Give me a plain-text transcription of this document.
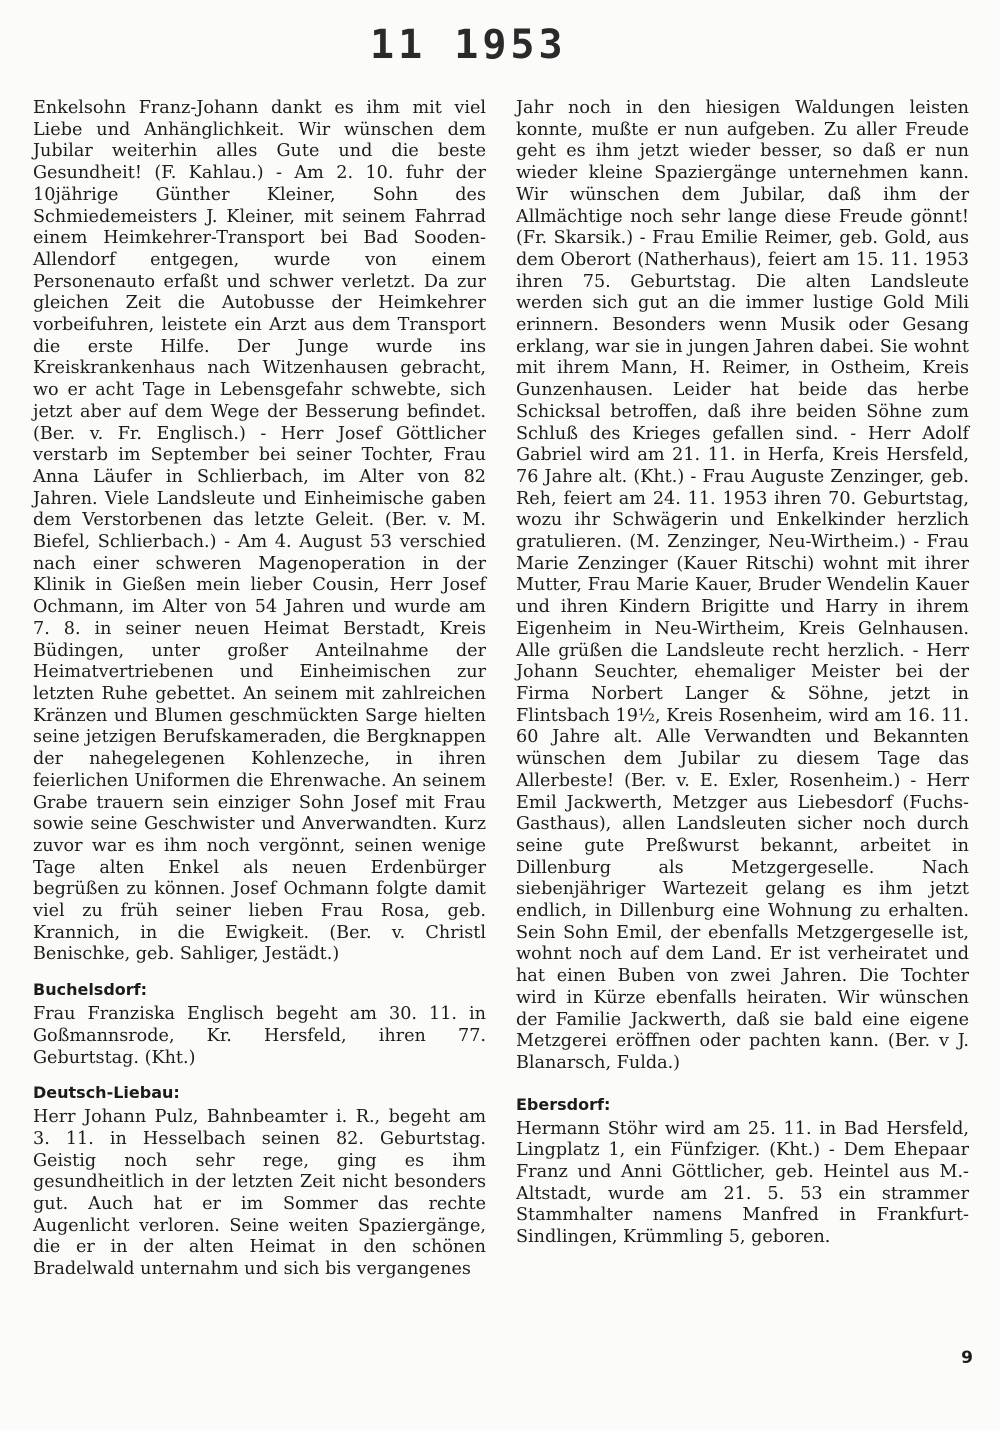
11 1953

Enkelsohn Franz-Johann dankt es ihm mit viel Liebe und Anhänglichkeit. Wir wünschen dem Jubilar weiterhin alles Gute und die beste Gesundheit! (F. Kahlau.) - Am 2. 10. fuhr der 10jährige Günther Kleiner, Sohn des Schmiedemeisters J. Kleiner, mit seinem Fahrrad einem Heimkehrer-Transport bei Bad Sooden-Allendorf entgegen, wurde von einem Personenauto erfaßt und schwer verletzt. Da zur gleichen Zeit die Autobusse der Heimkehrer vorbeifuhren, leistete ein Arzt aus dem Transport die erste Hilfe. Der Junge wurde ins Kreiskrankenhaus nach Witzenhausen gebracht, wo er acht Tage in Lebensgefahr schwebte, sich jetzt aber auf dem Wege der Besserung befindet. (Ber. v. Fr. Englisch.) - Herr Josef Göttlicher verstarb im September bei seiner Tochter, Frau Anna Läufer in Schlierbach, im Alter von 82 Jahren. Viele Landsleute und Einheimische gaben dem Verstorbenen das letzte Geleit. (Ber. v. M. Biefel, Schlierbach.) - Am 4. August 53 verschied nach einer schweren Magenoperation in der Klinik in Gießen mein lieber Cousin, Herr Josef Ochmann, im Alter von 54 Jahren und wurde am 7. 8. in seiner neuen Heimat Berstadt, Kreis Büdingen, unter großer Anteilnahme der Heimatvertriebenen und Einheimischen zur letzten Ruhe gebettet. An seinem mit zahlreichen Kränzen und Blumen geschmückten Sarge hielten seine jetzigen Berufskameraden, die Bergknappen der nahegelegenen Kohlenzeche, in ihren feierlichen Uniformen die Ehrenwache. An seinem Grabe trauern sein einziger Sohn Josef mit Frau sowie seine Geschwister und Anverwandten. Kurz zuvor war es ihm noch vergönnt, seinen wenige Tage alten Enkel als neuen Erdenbürger begrüßen zu können. Josef Ochmann folgte damit viel zu früh seiner lieben Frau Rosa, geb. Krannich, in die Ewigkeit. (Ber. v. Christl Benischke, geb. Sahliger, Jestädt.)

Buchelsdorf:

Frau Franziska Englisch begeht am 30. 11. in Goßmannsrode, Kr. Hersfeld, ihren 77. Geburtstag. (Kht.)

Deutsch-Liebau:

Herr Johann Pulz, Bahnbeamter i. R., begeht am 3. 11. in Hesselbach seinen 82. Geburtstag. Geistig noch sehr rege, ging es ihm gesundheitlich in der letzten Zeit nicht besonders gut. Auch hat er im Sommer das rechte Augenlicht verloren. Seine weiten Spaziergänge, die er in der alten Heimat in den schönen Bradelwald unternahm und sich bis vergangenes

Jahr noch in den hiesigen Waldungen leisten konnte, mußte er nun aufgeben. Zu aller Freude geht es ihm jetzt wieder besser, so daß er nun wieder kleine Spaziergänge unternehmen kann. Wir wünschen dem Jubilar, daß ihm der Allmächtige noch sehr lange diese Freude gönnt! (Fr. Skarsik.) - Frau Emilie Reimer, geb. Gold, aus dem Oberort (Natherhaus), feiert am 15. 11. 1953 ihren 75. Geburtstag. Die alten Landsleute werden sich gut an die immer lustige Gold Mili erinnern. Besonders wenn Musik oder Gesang erklang, war sie in jungen Jahren dabei. Sie wohnt mit ihrem Mann, H. Reimer, in Ostheim, Kreis Gunzenhausen. Leider hat beide das herbe Schicksal betroffen, daß ihre beiden Söhne zum Schluß des Krieges gefallen sind. - Herr Adolf Gabriel wird am 21. 11. in Herfa, Kreis Hersfeld, 76 Jahre alt. (Kht.) - Frau Auguste Zenzinger, geb. Reh, feiert am 24. 11. 1953 ihren 70. Geburtstag, wozu ihr Schwägerin und Enkelkinder herzlich gratulieren. (M. Zenzinger, Neu-Wirtheim.) - Frau Marie Zenzinger (Kauer Ritschi) wohnt mit ihrer Mutter, Frau Marie Kauer, Bruder Wendelin Kauer und ihren Kindern Brigitte und Harry in ihrem Eigenheim in Neu-Wirtheim, Kreis Gelnhausen. Alle grüßen die Landsleute recht herzlich. - Herr Johann Seuchter, ehemaliger Meister bei der Firma Norbert Langer & Söhne, jetzt in Flintsbach 19½, Kreis Rosenheim, wird am 16. 11. 60 Jahre alt. Alle Verwandten und Bekannten wünschen dem Jubilar zu diesem Tage das Allerbeste! (Ber. v. E. Exler, Rosenheim.) - Herr Emil Jackwerth, Metzger aus Liebesdorf (Fuchs-Gasthaus), allen Landsleuten sicher noch durch seine gute Preßwurst bekannt, arbeitet in Dillenburg als Metzgergeselle. Nach siebenjähriger Wartezeit gelang es ihm jetzt endlich, in Dillenburg eine Wohnung zu erhalten. Sein Sohn Emil, der ebenfalls Metzgergeselle ist, wohnt noch auf dem Land. Er ist verheiratet und hat einen Buben von zwei Jahren. Die Tochter wird in Kürze ebenfalls heiraten. Wir wünschen der Familie Jackwerth, daß sie bald eine eigene Metzgerei eröffnen oder pachten kann. (Ber. v J. Blanarsch, Fulda.)

Ebersdorf:

Hermann Stöhr wird am 25. 11. in Bad Hersfeld, Lingplatz 1, ein Fünfziger. (Kht.) - Dem Ehepaar Franz und Anni Göttlicher, geb. Heintel aus M.-Altstadt, wurde am 21. 5. 53 ein strammer Stammhalter namens Manfred in Frankfurt-Sindlingen, Krümmling 5, geboren.

9
